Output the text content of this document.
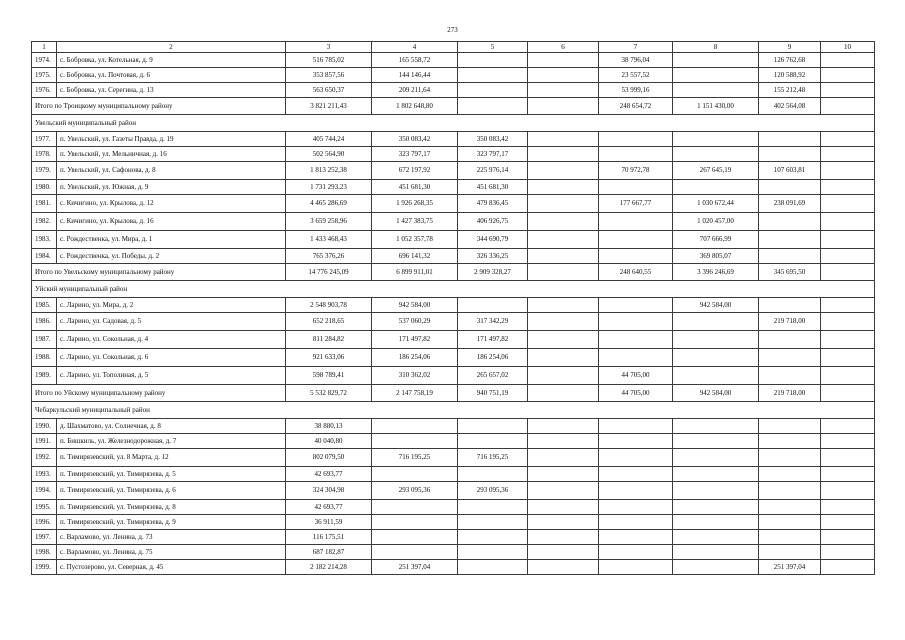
273
1	2	3	4	5	6	7	8	9	10
1974.	с. Бобровка, ул. Котельная, д. 9	516 785,02	165 558,72			38 796,04		126 762,68	
1975.	с. Бобровка, ул. Почтовая, д. 6	353 857,56	144 146,44			23 557,52		120 588,92	
1976.	с. Бобровка, ул. Серегина, д. 13	563 650,37	209 211,64			53 999,16		155 212,48	
Итого по Троицкому муниципальному району		3 821 211,43	1 802 648,80			248 654,72	1 151 430,00	402 564,08	
Увельский муниципальный район									
1977.	п. Увельский, ул. Газеты Правда, д. 19	405 744,24	350 083,42	350 083,42					
1978.	п. Увельский, ул. Мельничная, д. 16	502 564,90	323 797,17	323 797,17					
1979.	п. Увельский, ул. Сафонова, д. 8	1 813 252,38	672 197,92	225 976,14		70 972,78	267 645,19	107 603,81	
1980.	п. Увельский, ул. Южная, д. 9	1 731 293,23	451 681,30	451 681,30					
1981.	с. Кичигино, ул. Крылова, д. 12	4 465 286,69	1 926 268,35	479 836,45		177 667,77	1 030 672,44	238 091,69	
1982.	с. Кичигино, ул. Крылова, д. 16	3 659 258,96	1 427 383,75	406 926,75			1 020 457,00		
1983.	с. Рождественка, ул. Мира, д. 1	1 433 468,43	1 052 357,78	344 690,79			707 666,99		
1984.	с. Рождественка, ул. Победы, д. 2	765 376,26	696 141,32	326 336,25			369 805,07		
Итого по Увельскому муниципальному району		14 776 245,09	6 899 911,01	2 909 328,27		248 640,55	3 396 246,69	345 695,50	
Уйский муниципальный район									
1985.	с. Ларино, ул. Мира, д. 2	2 548 903,78	942 584,00				942 584,00		
1986.	с. Ларино, ул. Садовая, д. 5	652 218,65	537 060,29	317 342,29				219 718,00	
1987.	с. Ларино, ул. Сокольная, д. 4	811 284,82	171 497,82	171 497,82					
1988.	с. Ларино, ул. Сокольная, д. 6	921 633,06	186 254,06	186 254,06					
1989.	с. Ларино, ул. Тополиная, д. 5	598 789,41	310 362,02	265 657,02		44 705,00			
Итого по Уйскому муниципальному району		5 532 829,72	2 147 758,19	940 751,19		44 705,00	942 584,00	219 718,00	
Чебаркульский муниципальный район									
1990.	д. Шахматово, ул. Солнечная, д. 8	38 880,13							
1991.	п. Бишкиль, ул. Железнодорожная, д. 7	40 040,80							
1992.	п. Тимирязевский, ул. 8 Марта, д. 12	802 079,50	716 195,25	716 195,25					
1993.	п. Тимирязевский, ул. Тимирязева, д. 5	42 693,77							
1994.	п. Тимирязевский, ул. Тимирязева, д. 6	324 304,98	293 095,36	293 095,36					
1995.	п. Тимирязевский, ул. Тимирязева, д. 8	42 693,77							
1996.	п. Тимирязевский, ул. Тимирязева, д. 9	36 911,59							
1997.	с. Варламово, ул. Ленина, д. 73	116 175,51							
1998.	с. Варламово, ул. Ленина, д. 75	687 182,87							
1999.	с. Пустозерово, ул. Северная, д. 45	2 182 214,28	251 397,04					251 397,04	
